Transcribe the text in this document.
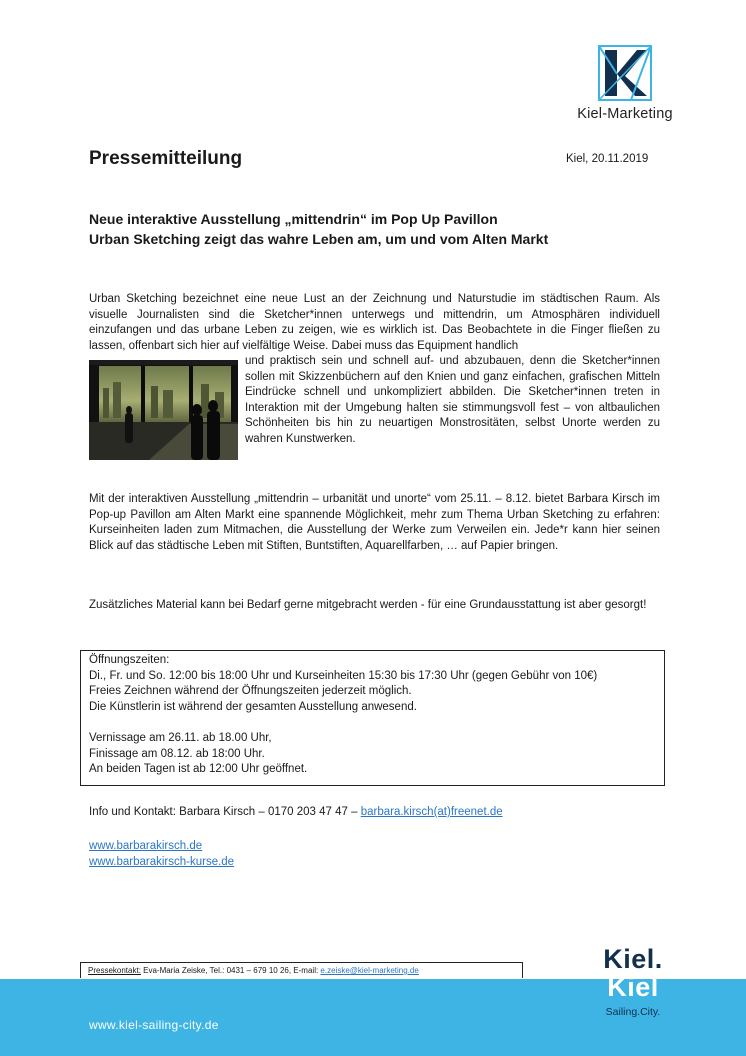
Kiel-Marketing
Pressemitteilung	Kiel, 20.11.2019
Neue interaktive Ausstellung „mittendrin“ im Pop Up Pavillon
Urban Sketching zeigt das wahre Leben am, um und vom Alten Markt
Urban Sketching bezeichnet eine neue Lust an der Zeichnung und Naturstudie im städtischen Raum. Als visuelle Journalisten sind die Sketcher*innen unterwegs und mittendrin, um Atmosphären individuell einzufangen und das urbane Leben zu zeigen, wie es wirklich ist. Das Beobachtete in die Finger fließen zu lassen, offenbart sich hier auf vielfältige Weise. Dabei muss das Equipment handlich
und praktisch sein und schnell auf- und abzubauen, denn die Sketcher*innen sollen mit Skizzenbüchern auf den Knien und ganz einfachen, grafischen Mitteln Eindrücke schnell und unkompliziert abbilden. Die Sketcher*innen treten in Interaktion mit der Umgebung halten sie stimmungsvoll fest – von altbaulichen Schönheiten bis hin zu neuartigen Monstrositäten, selbst Unorte werden zu wahren Kunstwerken.
Mit der interaktiven Ausstellung „mittendrin – urbanität und unorte“ vom 25.11. – 8.12. bietet Barbara Kirsch im Pop-up Pavillon am Alten Markt eine spannende Möglichkeit, mehr zum Thema Urban Sketching zu erfahren: Kurseinheiten laden zum Mitmachen, die Ausstellung der Werke zum Verweilen ein. Jede*r kann hier seinen Blick auf das städtische Leben mit Stiften, Buntstiften, Aquarellfarben, … auf Papier bringen.
Zusätzliches Material kann bei Bedarf gerne mitgebracht werden - für eine Grundausstattung ist aber gesorgt!
Öffnungszeiten:
Di., Fr. und So. 12:00 bis 18:00 Uhr und Kurseinheiten 15:30 bis 17:30 Uhr (gegen Gebühr von 10€)
Freies Zeichnen während der Öffnungszeiten jederzeit möglich.
Die Künstlerin ist während der gesamten Ausstellung anwesend.
Vernissage am 26.11. ab 18.00 Uhr,
Finissage am 08.12. ab 18:00 Uhr.
An beiden Tagen ist ab 12:00 Uhr geöffnet.
Info und Kontakt: Barbara Kirsch – 0170 203 47 47 – barbara.kirsch(at)freenet.de
www.barbarakirsch.de
www.barbarakirsch-kurse.de
Pressekontakt: Eva-Maria Zeiske, Tel.: 0431 – 679 10 26, E-mail: e.zeiske@kiel-marketing.de
www.kiel-sailing-city.de
Kiel.
Kiel
Sailing.City.
